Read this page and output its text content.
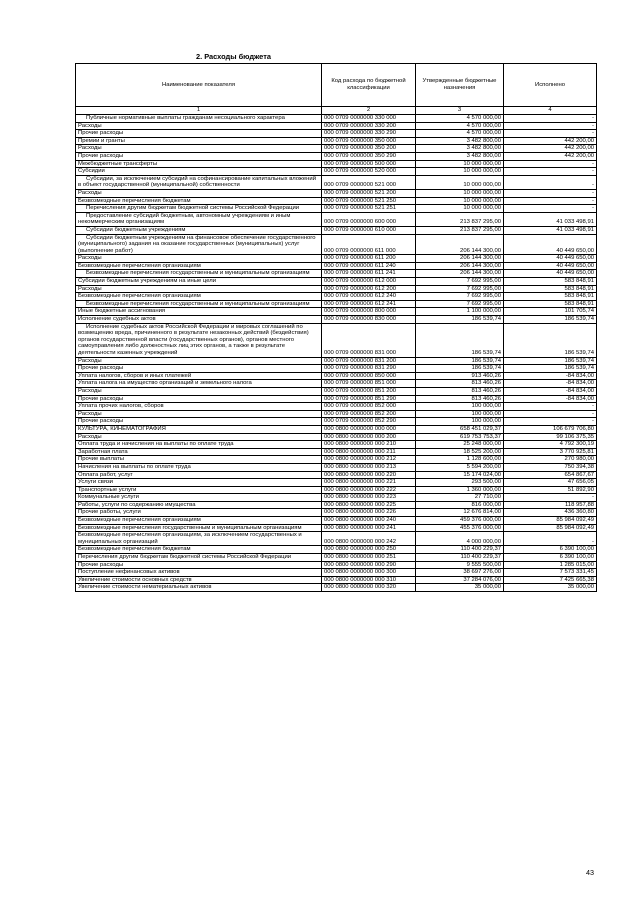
2. Расходы бюджета
Наименование показателя	Код расхода по бюджетной классификации	Утвержденные бюджетные назначения	Исполнено
1	2	3	4
Публичные нормативные выплаты гражданам несоциального характера	000 0709 0000000 330 000	4 570 000,00	-
Расходы	000 0709 0000000 330 200	4 570 000,00	-
Прочие расходы	000 0709 0000000 330 290	4 570 000,00	-
Премии и гранты	000 0709 0000000 350 000	3 482 800,00	442 200,00
Расходы	000 0709 0000000 350 200	3 482 800,00	442 200,00
Прочие расходы	000 0709 0000000 350 290	3 482 800,00	442 200,00
Межбюджетные трансферты	000 0709 0000000 500 000	10 000 000,00	-
Субсидии	000 0709 0000000 520 000	10 000 000,00	-
Субсидии, за исключением субсидий на софинансирование капитальных вложений в объект государственной (муниципальной) собственности	000 0709 0000000 521 000	10 000 000,00	-
Расходы	000 0709 0000000 521 200	10 000 000,00	-
Безвозмездные перечисления бюджетам	000 0709 0000000 521 250	10 000 000,00	-
Перечисления другим бюджетам бюджетной системы Российской Федерации	000 0709 0000000 521 251	10 000 000,00	-
Предоставление субсидий бюджетным, автономным учреждениям и иным некоммерческим организациям	000 0709 0000000 600 000	213 837 295,00	41 033 498,91
Субсидии бюджетным учреждениям	000 0709 0000000 610 000	213 837 295,00	41 033 498,91
Субсидии бюджетным учреждениям на финансовое обеспечение государственного (муниципального) задания на оказание государственных (муниципальных) услуг (выполнение работ)	000 0709 0000000 611 000	206 144 300,00	40 449 650,00
Расходы	000 0709 0000000 611 200	206 144 300,00	40 449 650,00
Безвозмездные перечисления организациям	000 0709 0000000 611 240	206 144 300,00	40 449 650,00
Безвозмездные перечисления государственным и муниципальным организациям	000 0709 0000000 611 241	206 144 300,00	40 449 650,00
Субсидии бюджетным учреждениям на иные цели	000 0709 0000000 612 000	7 692 995,00	583 848,91
Расходы	000 0709 0000000 612 200	7 692 995,00	583 848,91
Безвозмездные перечисления организациям	000 0709 0000000 612 240	7 692 995,00	583 848,91
Безвозмездные перечисления государственным и муниципальным организациям	000 0709 0000000 612 241	7 692 995,00	583 848,91
Иные бюджетные ассигнования	000 0709 0000000 800 000	1 100 000,00	101 705,74
Исполнение судебных актов	000 0709 0000000 830 000	186 539,74	186 539,74
Исполнение судебных актов Российской Федерации и мировых соглашений по возмещению вреда, причиненного в результате незаконных действий (бездействия) органов государственной власти (государственных органов), органов местного самоуправления либо должностных лиц этих органов, а также в результате деятельности казенных учреждений	000 0709 0000000 831 000	186 539,74	186 539,74
Расходы	000 0709 0000000 831 200	186 539,74	186 539,74
Прочие расходы	000 0709 0000000 831 290	186 539,74	186 539,74
Уплата налогов, сборов и иных платежей	000 0709 0000000 850 000	913 460,26	-84 834,00
Уплата налога на имущество организаций и земельного налога	000 0709 0000000 851 000	813 460,26	-84 834,00
Расходы	000 0709 0000000 851 200	813 460,26	-84 834,00
Прочие расходы	000 0709 0000000 851 290	813 460,26	-84 834,00
Уплата прочих налогов, сборов	000 0709 0000000 852 000	100 000,00	-
Расходы	000 0709 0000000 852 200	100 000,00	-
Прочие расходы	000 0709 0000000 852 290	100 000,00	-
КУЛЬТУРА, КИНЕМАТОГРАФИЯ	000 0800 0000000 000 000	658 451 029,37	106 679 706,80
Расходы	000 0800 0000000 000 200	619 753 753,37	99 106 375,35
Оплата труда и начисления на выплаты по оплате труда	000 0800 0000000 000 210	25 248 000,00	4 792 300,19
Заработная плата	000 0800 0000000 000 211	18 525 200,00	3 770 925,81
Прочие выплаты	000 0800 0000000 000 212	1 128 600,00	270 980,00
Начисления на выплаты по оплате труда	000 0800 0000000 000 213	5 594 200,00	750 394,38
Оплата работ, услуг	000 0800 0000000 000 220	15 174 024,00	654 867,67
Услуги связи	000 0800 0000000 000 221	293 500,00	47 656,05
Транспортные услуги	000 0800 0000000 000 222	1 360 000,00	51 892,90
Коммунальные услуги	000 0800 0000000 000 223	27 710,00	-
Работы, услуги по содержанию имущества	000 0800 0000000 000 225	816 000,00	118 957,88
Прочие работы, услуги	000 0800 0000000 000 226	12 676 814,00	436 360,80
Безвозмездные перечисления организациям	000 0800 0000000 000 240	459 376 000,00	85 984 092,49
Безвозмездные перечисления государственным и муниципальным организациям	000 0800 0000000 000 241	455 376 000,00	85 984 092,49
Безвозмездные перечисления организациям, за исключением государственных и муниципальных организаций	000 0800 0000000 000 242	4 000 000,00	-
Безвозмездные перечисления бюджетам	000 0800 0000000 000 250	110 400 229,37	6 390 100,00
Перечисления другим бюджетам бюджетной системы Российской Федерации	000 0800 0000000 000 251	110 400 229,37	6 390 100,00
Прочие расходы	000 0800 0000000 000 290	9 555 500,00	1 285 015,00
Поступление нефинансовых активов	000 0800 0000000 000 300	38 697 276,00	7 573 331,45
Увеличение стоимости основных средств	000 0800 0000000 000 310	37 284 076,00	7 425 665,38
Увеличение стоимости нематериальных активов	000 0800 0000000 000 320	35 000,00	35 000,00
43
